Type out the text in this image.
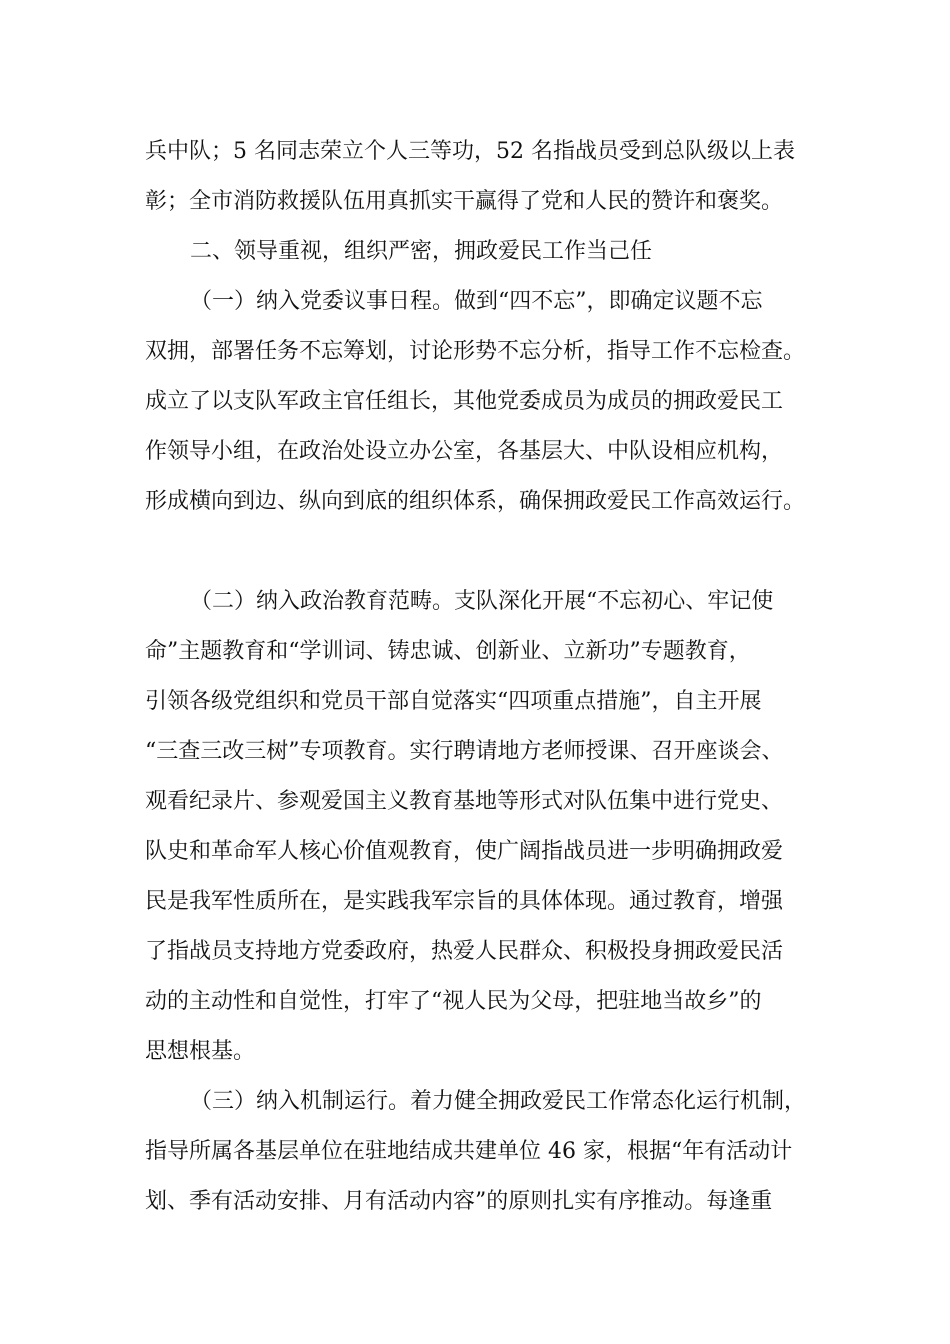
兵中队；5 名同志荣立个人三等功，52 名指战员受到总队级以上表

彰；全市消防救援队伍用真抓实干赢得了党和人民的赞许和褒奖。

二、领导重视，组织严密，拥政爱民工作当己任

（一）纳入党委议事日程。做到“四不忘”，即确定议题不忘

双拥，部署任务不忘筹划，讨论形势不忘分析，指导工作不忘检查。

成立了以支队军政主官任组长，其他党委成员为成员的拥政爱民工

作领导小组，在政治处设立办公室，各基层大、中队设相应机构，

形成横向到边、纵向到底的组织体系，确保拥政爱民工作高效运行。

（二）纳入政治教育范畴。支队深化开展“不忘初心、牢记使

命”主题教育和“学训词、铸忠诚、创新业、立新功”专题教育，

引领各级党组织和党员干部自觉落实“四项重点措施”，自主开展

“三查三改三树”专项教育。实行聘请地方老师授课、召开座谈会、

观看纪录片、参观爱国主义教育基地等形式对队伍集中进行党史、

队史和革命军人核心价值观教育，使广阔指战员进一步明确拥政爱

民是我军性质所在，是实践我军宗旨的具体体现。通过教育，增强

了指战员支持地方党委政府，热爱人民群众、积极投身拥政爱民活

动的主动性和自觉性，打牢了“视人民为父母，把驻地当故乡”的

思想根基。

（三）纳入机制运行。着力健全拥政爱民工作常态化运行机制，

指导所属各基层单位在驻地结成共建单位 46 家，根据“年有活动计

划、季有活动安排、月有活动内容”的原则扎实有序推动。每逢重
